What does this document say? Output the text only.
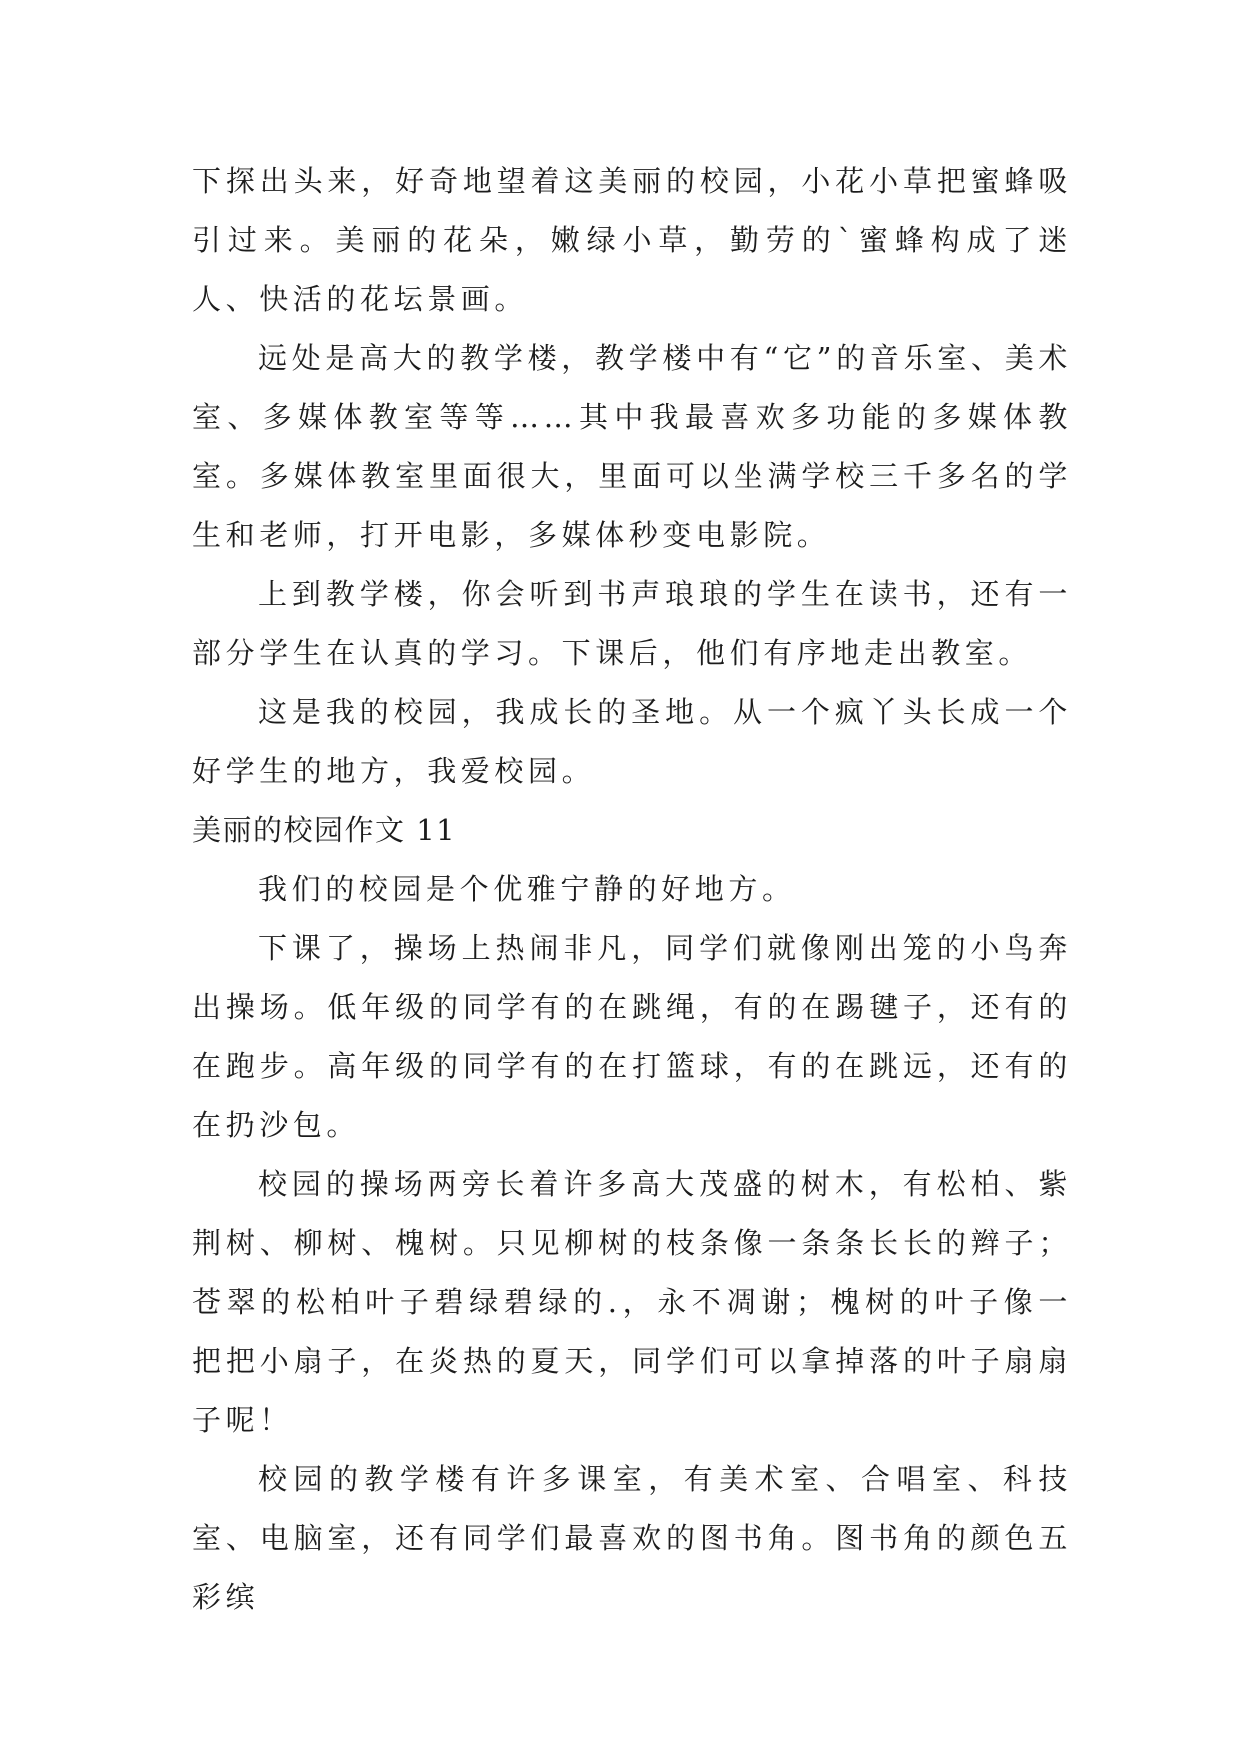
下探出头来，好奇地望着这美丽的校园，小花小草把蜜蜂吸引过来。美丽的花朵，嫩绿小草，勤劳的`蜜蜂构成了迷人、快活的花坛景画。

远处是高大的教学楼，教学楼中有“它”的音乐室、美术室、多媒体教室等等……其中我最喜欢多功能的多媒体教室。多媒体教室里面很大，里面可以坐满学校三千多名的学生和老师，打开电影，多媒体秒变电影院。

上到教学楼，你会听到书声琅琅的学生在读书，还有一部分学生在认真的学习。下课后，他们有序地走出教室。

这是我的校园，我成长的圣地。从一个疯丫头长成一个好学生的地方，我爱校园。

美丽的校园作文 11

我们的校园是个优雅宁静的好地方。

下课了，操场上热闹非凡，同学们就像刚出笼的小鸟奔出操场。低年级的同学有的在跳绳，有的在踢毽子，还有的在跑步。高年级的同学有的在打篮球，有的在跳远，还有的在扔沙包。

校园的操场两旁长着许多高大茂盛的树木，有松柏、紫荆树、柳树、槐树。只见柳树的枝条像一条条长长的辫子；苍翠的松柏叶子碧绿碧绿的.，永不凋谢；槐树的叶子像一把把小扇子，在炎热的夏天，同学们可以拿掉落的叶子扇扇子呢！

校园的教学楼有许多课室，有美术室、合唱室、科技室、电脑室，还有同学们最喜欢的图书角。图书角的颜色五彩缤
